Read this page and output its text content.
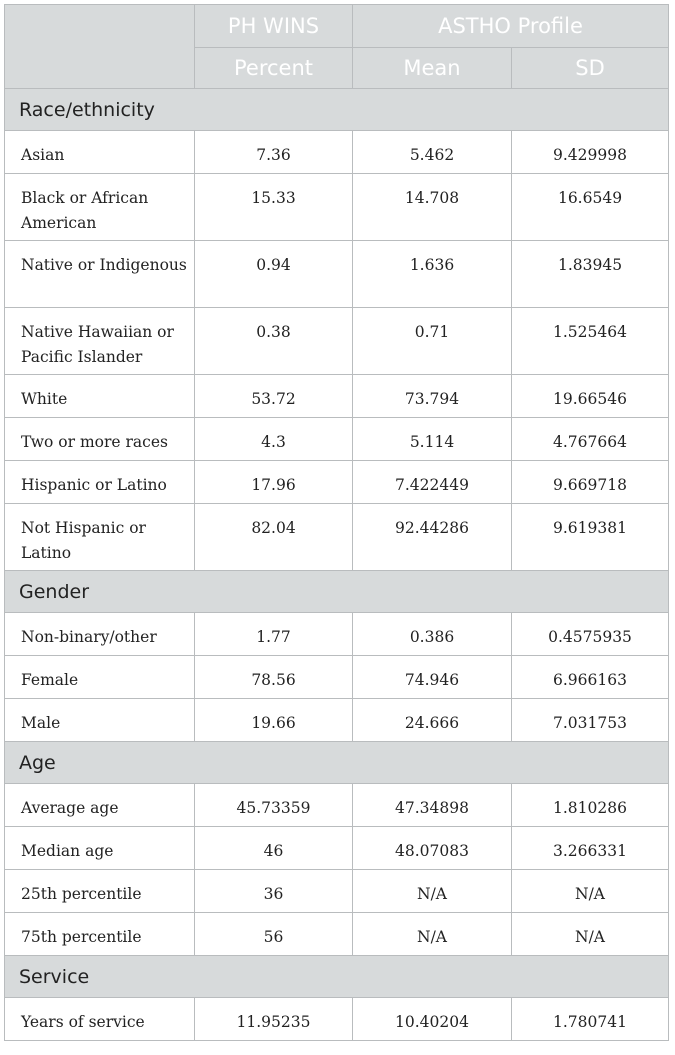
	PH WINS	ASTHO Profile	
	Percent	Mean	SD
Race/ethnicity			
Asian	7.36	5.462	9.429998
Black or African American	15.33	14.708	16.6549
Native or Indigenous	0.94	1.636	1.83945
Native Hawaiian or Pacific Islander	0.38	0.71	1.525464
White	53.72	73.794	19.66546
Two or more races	4.3	5.114	4.767664
Hispanic or Latino	17.96	7.422449	9.669718
Not Hispanic or Latino	82.04	92.44286	9.619381
Gender			
Non-binary/other	1.77	0.386	0.4575935
Female	78.56	74.946	6.966163
Male	19.66	24.666	7.031753
Age			
Average age	45.73359	47.34898	1.810286
Median age	46	48.07083	3.266331
25th percentile	36	N/A	N/A
75th percentile	56	N/A	N/A
Service			
Years of service	11.95235	10.40204	1.780741
